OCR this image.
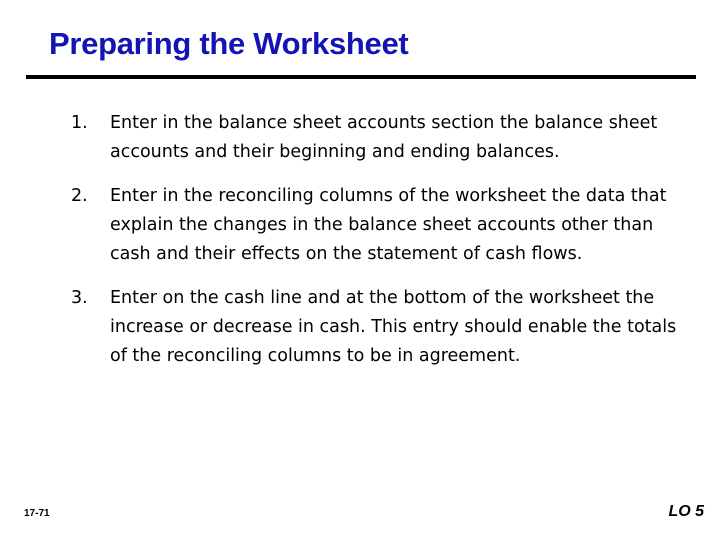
Preparing the Worksheet
1.	Enter in the balance sheet accounts section the balance sheet accounts and their beginning and ending balances.
2.	Enter in the reconciling columns of the worksheet the data that explain the changes in the balance sheet accounts other than cash and their effects on the statement of cash flows.
3.	Enter on the cash line and at the bottom of the worksheet the increase or decrease in cash. This entry should enable the totals of the reconciling columns to be in agreement.
17-71	LO 5
